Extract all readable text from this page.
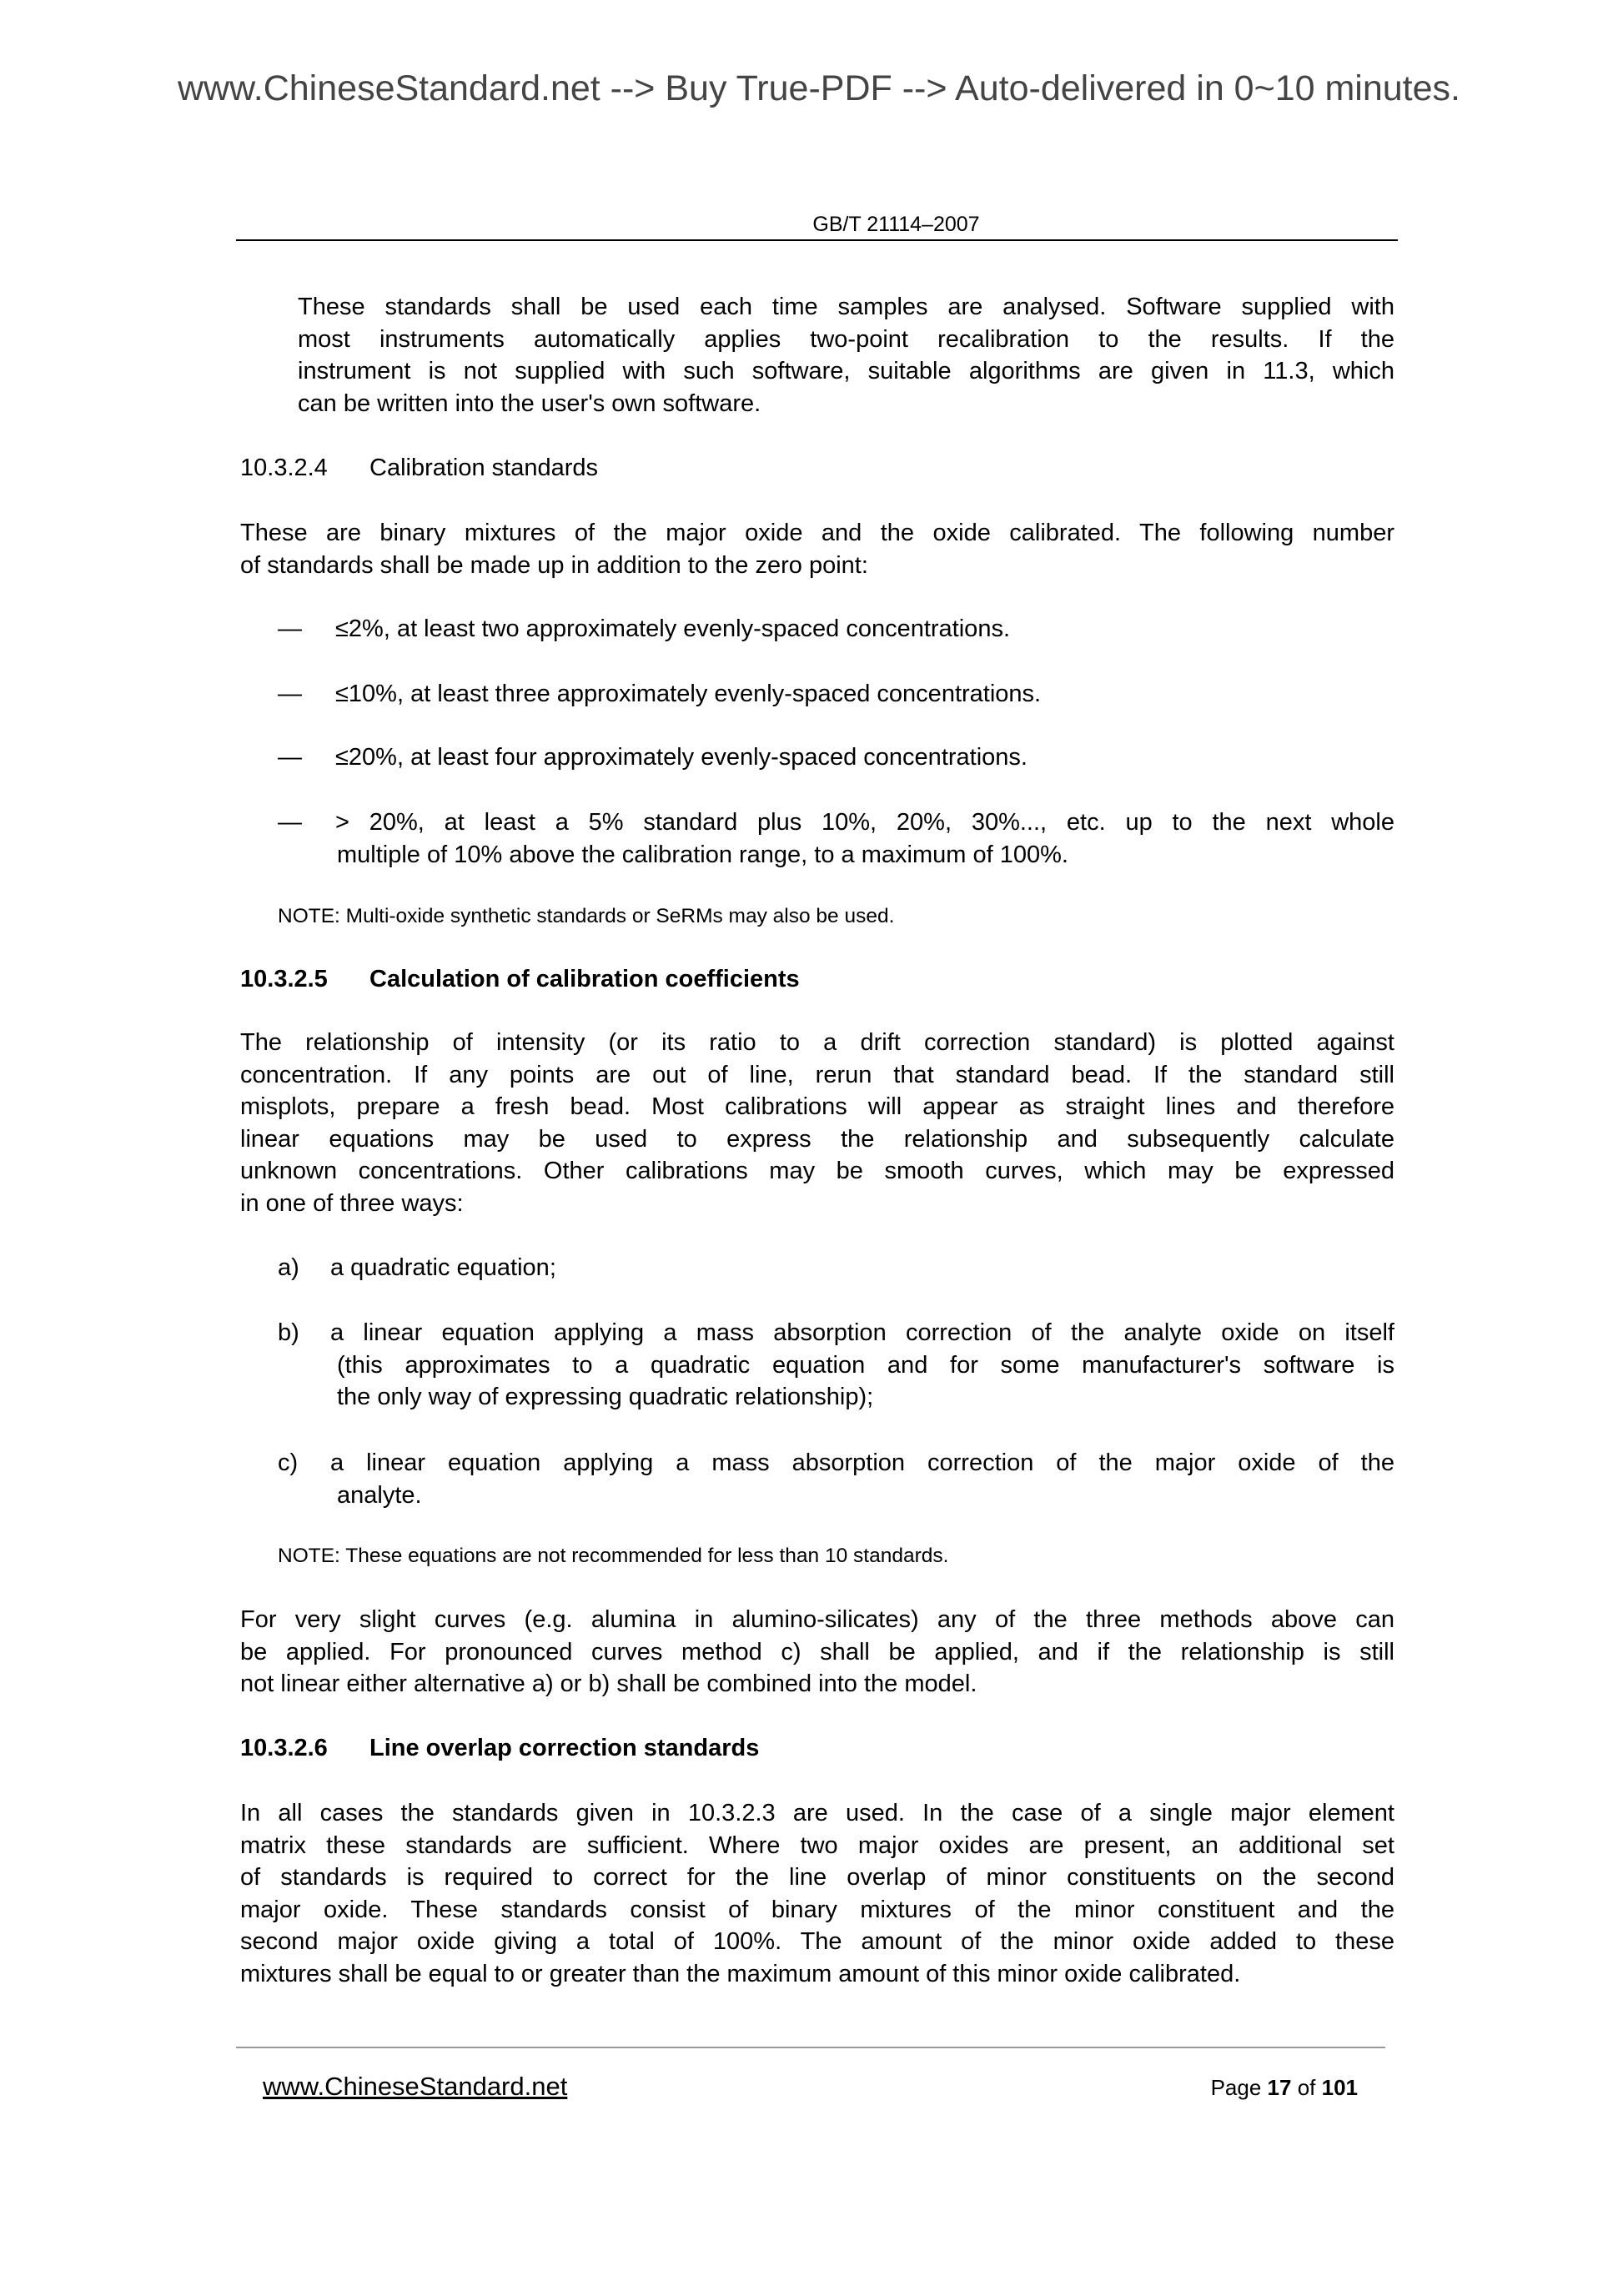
www.ChineseStandard.net --> Buy True-PDF --> Auto-delivered in 0~10 minutes.
GB/T 21114–2007
These standards shall be used each time samples are analysed. Software supplied with
most instruments automatically applies two-point recalibration to the results. If the
instrument is not supplied with such software, suitable algorithms are given in 11.3, which
can be written into the user's own software.
10.3.2.4 Calibration standards
These are binary mixtures of the major oxide and the oxide calibrated. The following number
of standards shall be made up in addition to the zero point:
— ≤2%, at least two approximately evenly-spaced concentrations.
— ≤10%, at least three approximately evenly-spaced concentrations.
— ≤20%, at least four approximately evenly-spaced concentrations.
— > 20%, at least a 5% standard plus 10%, 20%, 30%..., etc. up to the next whole
multiple of 10% above the calibration range, to a maximum of 100%.
NOTE: Multi-oxide synthetic standards or SeRMs may also be used.
10.3.2.5 Calculation of calibration coefficients
The relationship of intensity (or its ratio to a drift correction standard) is plotted against
concentration. If any points are out of line, rerun that standard bead. If the standard still
misplots, prepare a fresh bead. Most calibrations will appear as straight lines and therefore
linear equations may be used to express the relationship and subsequently calculate
unknown concentrations. Other calibrations may be smooth curves, which may be expressed
in one of three ways:
a) a quadratic equation;
b) a linear equation applying a mass absorption correction of the analyte oxide on itself
(this approximates to a quadratic equation and for some manufacturer's software is
the only way of expressing quadratic relationship);
c) a linear equation applying a mass absorption correction of the major oxide of the
analyte.
NOTE: These equations are not recommended for less than 10 standards.
For very slight curves (e.g. alumina in alumino-silicates) any of the three methods above can
be applied. For pronounced curves method c) shall be applied, and if the relationship is still
not linear either alternative a) or b) shall be combined into the model.
10.3.2.6 Line overlap correction standards
In all cases the standards given in 10.3.2.3 are used. In the case of a single major element
matrix these standards are sufficient. Where two major oxides are present, an additional set
of standards is required to correct for the line overlap of minor constituents on the second
major oxide. These standards consist of binary mixtures of the minor constituent and the
second major oxide giving a total of 100%. The amount of the minor oxide added to these
mixtures shall be equal to or greater than the maximum amount of this minor oxide calibrated.
www.ChineseStandard.net	Page 17 of 101
